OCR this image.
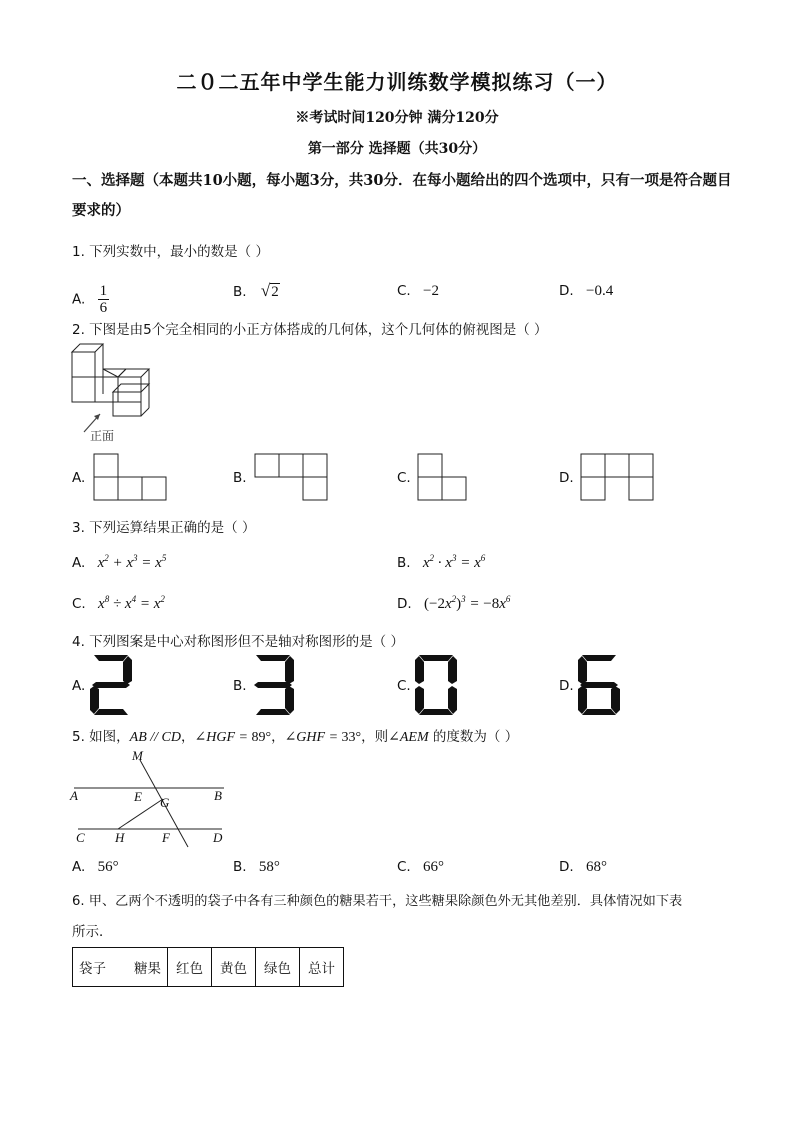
二０二五年中学生能力训练数学模拟练习（一）
※考试时间120分钟 满分120分
第一部分 选择题（共30分）
一、选择题（本题共10小题，每小题3分，共30分．在每小题给出的四个选项中，只有一项是符合题目要求的）
1. 下列实数中，最小的数是（ ）
A. $\frac{1}{6}$	B. √2	C. −2	D. −0.4
2. 下图是由5个完全相同的小正方体搭成的几何体，这个几何体的俯视图是（ ）
正面
A.	B.	C.	D.
3. 下列运算结果正确的是（ ）
A. $x^2 + x^3 = x^5$	B. $x^2 \cdot x^3 = x^6$
C. $x^8 \div x^4 = x^2$	D. $(-2x^2)^3 = -8x^6$
4. 下列图案是中心对称图形但不是轴对称图形的是（ ）
A.	B.	C.	D.
5. 如图，AB // CD，∠HGF = 89°，∠GHF = 33°，则∠AEM 的度数为（ ）
M
A	E G	B
C H	F	D
A. 56°	B. 58°	C. 66°	D. 68°
6. 甲、乙两个不透明的袋子中各有三种颜色的糖果若干，这些糖果除颜色外无其他差别．具体情况如下表
所示．
袋子 糖果	红色	黄色	绿色	总计
